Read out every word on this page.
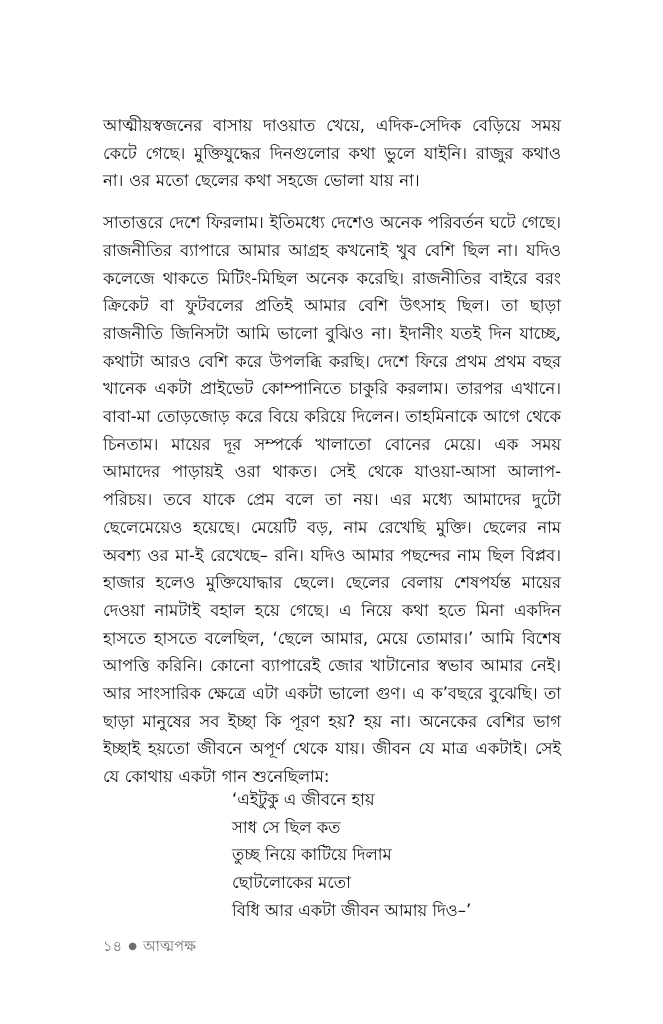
আত্মীয়স্বজনের বাসায় দাওয়াত খেয়ে, এদিক-সেদিক বেড়িয়ে সময় কেটে গেছে। মুক্তিযুদ্ধের দিনগুলোর কথা ভুলে যাইনি। রাজুর কথাও না। ওর মতো ছেলের কথা সহজে ভোলা যায় না।

সাতাত্তরে দেশে ফিরলাম। ইতিমধ্যে দেশেও অনেক পরিবর্তন ঘটে গেছে। রাজনীতির ব্যাপারে আমার আগ্রহ কখনোই খুব বেশি ছিল না। যদিও কলেজে থাকতে মিটিং-মিছিল অনেক করেছি। রাজনীতির বাইরে বরং ক্রিকেট বা ফুটবলের প্রতিই আমার বেশি উৎসাহ ছিল। তা ছাড়া রাজনীতি জিনিসটা আমি ভালো বুঝিও না। ইদানীং যতই দিন যাচ্ছে, কথাটা আরও বেশি করে উপলব্ধি করছি। দেশে ফিরে প্রথম প্রথম বছর খানেক একটা প্রাইভেট কোম্পানিতে চাকুরি করলাম। তারপর এখানে। বাবা-মা তোড়জোড় করে বিয়ে করিয়ে দিলেন। তাহমিনাকে আগে থেকে চিনতাম। মায়ের দূর সম্পর্কে খালাতো বোনের মেয়ে। এক সময় আমাদের পাড়ায়ই ওরা থাকত। সেই থেকে যাওয়া-আসা আলাপ-পরিচয়। তবে যাকে প্রেম বলে তা নয়। এর মধ্যে আমাদের দুটো ছেলেমেয়েও হয়েছে। মেয়েটি বড়, নাম রেখেছি মুক্তি। ছেলের নাম অবশ্য ওর মা-ই রেখেছে– রনি। যদিও আমার পছন্দের নাম ছিল বিপ্লব। হাজার হলেও মুক্তিযোদ্ধার ছেলে। ছেলের বেলায় শেষপর্যন্ত মায়ের দেওয়া নামটাই বহাল হয়ে গেছে। এ নিয়ে কথা হতে মিনা একদিন হাসতে হাসতে বলেছিল, ‘ছেলে আমার, মেয়ে তোমার।’ আমি বিশেষ আপত্তি করিনি। কোনো ব্যাপারেই জোর খাটানোর স্বভাব আমার নেই। আর সাংসারিক ক্ষেত্রে এটা একটা ভালো গুণ। এ ক’বছরে বুঝেছি। তা ছাড়া মানুষের সব ইচ্ছা কি পূরণ হয়? হয় না। অনেকের বেশির ভাগ ইচ্ছাই হয়তো জীবনে অপূর্ণ থেকে যায়। জীবন যে মাত্র একটাই। সেই যে কোথায় একটা গান শুনেছিলাম:

‘এইটুকু এ জীবনে হায়
সাধ সে ছিল কত
তুচ্ছ নিয়ে কাটিয়ে দিলাম
ছোটলোকের মতো
বিধি আর একটা জীবন আমায় দিও–’
১৪ ● আত্মপক্ষ
